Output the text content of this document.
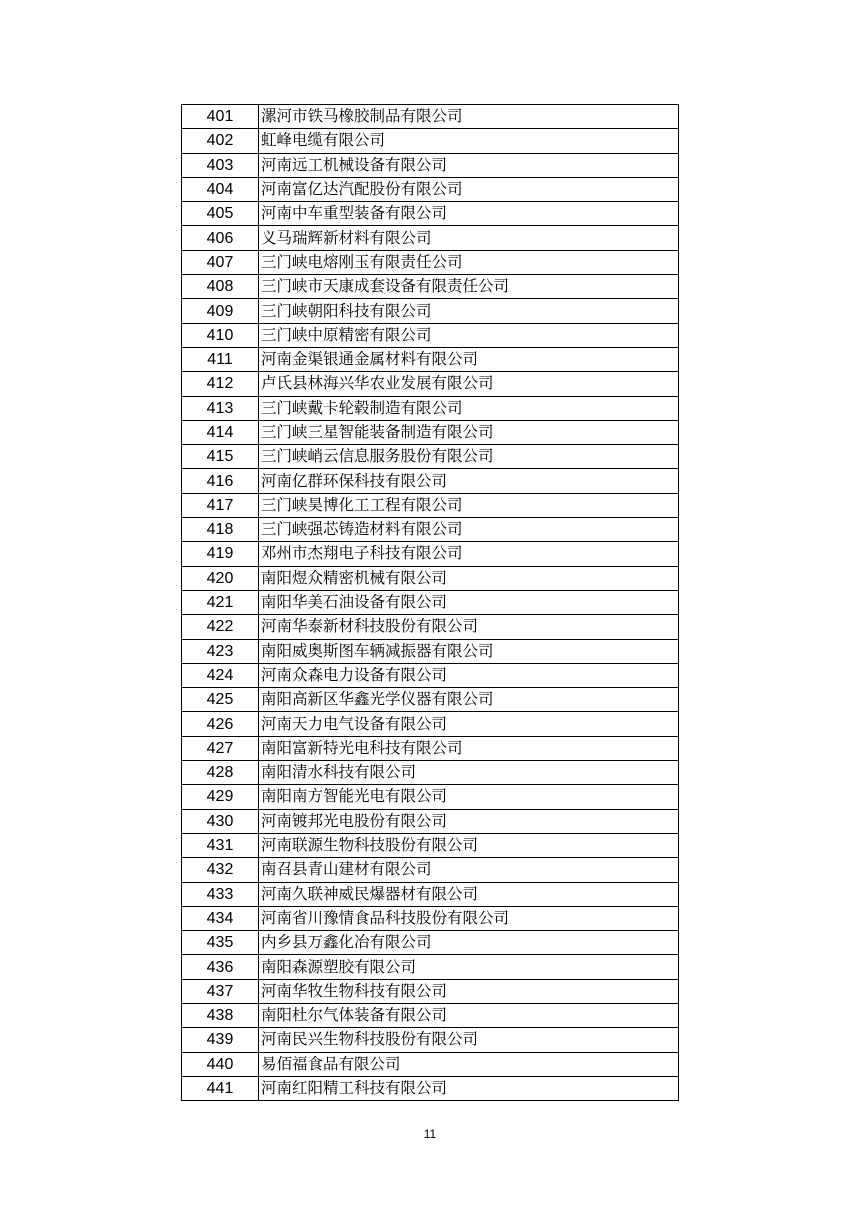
401	漯河市铁马橡胶制品有限公司
402	虹峰电缆有限公司
403	河南远工机械设备有限公司
404	河南富亿达汽配股份有限公司
405	河南中车重型装备有限公司
406	义马瑞辉新材料有限公司
407	三门峡电熔刚玉有限责任公司
408	三门峡市天康成套设备有限责任公司
409	三门峡朝阳科技有限公司
410	三门峡中原精密有限公司
411	河南金渠银通金属材料有限公司
412	卢氏县林海兴华农业发展有限公司
413	三门峡戴卡轮毂制造有限公司
414	三门峡三星智能装备制造有限公司
415	三门峡峭云信息服务股份有限公司
416	河南亿群环保科技有限公司
417	三门峡昊博化工工程有限公司
418	三门峡强芯铸造材料有限公司
419	邓州市杰翔电子科技有限公司
420	南阳煜众精密机械有限公司
421	南阳华美石油设备有限公司
422	河南华泰新材科技股份有限公司
423	南阳威奥斯图车辆减振器有限公司
424	河南众森电力设备有限公司
425	南阳高新区华鑫光学仪器有限公司
426	河南天力电气设备有限公司
427	南阳富新特光电科技有限公司
428	南阳清水科技有限公司
429	南阳南方智能光电有限公司
430	河南镀邦光电股份有限公司
431	河南联源生物科技股份有限公司
432	南召县青山建材有限公司
433	河南久联神威民爆器材有限公司
434	河南省川豫情食品科技股份有限公司
435	内乡县万鑫化冶有限公司
436	南阳森源塑胶有限公司
437	河南华牧生物科技有限公司
438	南阳杜尔气体装备有限公司
439	河南民兴生物科技股份有限公司
440	易佰福食品有限公司
441	河南红阳精工科技有限公司
11
